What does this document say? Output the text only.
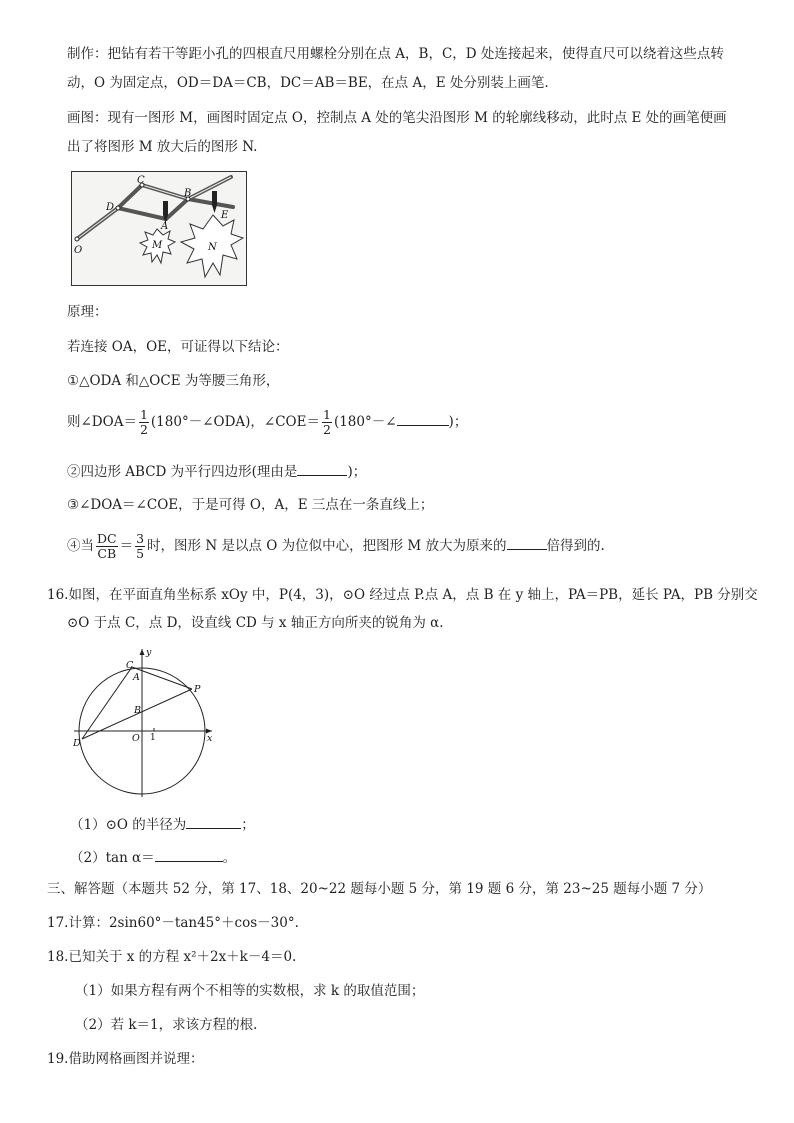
制作：把钻有若干等距小孔的四根直尺用螺栓分别在点 A，B，C，D 处连接起来，使得直尺可以绕着这些点转
动，O 为固定点，OD＝DA＝CB，DC＝AB＝BE，在点 A，E 处分别装上画笔.
画图：现有一图形 M，画图时固定点 O，控制点 A 处的笔尖沿图形 M 的轮廓线移动，此时点 E 处的画笔便画
出了将图形 M 放大后的图形 N.
C
B
D
A
E
O	M	N
原理：
若连接 OA，OE，可证得以下结论：
①△ODA 和△OCE 为等腰三角形，
则∠DOA＝ $\frac{1}{2}$ (180°－∠ODA)，∠COE＝ $\frac{1}{2}$ (180°－∠	)；
②四边形 ABCD 为平行四边形(理由是	)；
③∠DOA＝∠COE，于是可得 O，A，E 三点在一条直线上；
④当 $\frac{DC}{CB} = \frac{3}{5}$ 时，图形 N 是以点 O 为位似中心，把图形 M 放大为原来的	倍得到的.
16.如图，在平面直角坐标系 xOy 中，P(4，3)，⊙O 经过点 P.点 A，点 B 在 y 轴上，PA＝PB，延长 PA，PB 分别交
⊙O 于点 C，点 D，设直线 CD 与 x 轴正方向所夹的锐角为 α.
y
x
C
A
P
B
D	O 1
（1）⊙O 的半径为	；
（2）tan α＝	。
三、解答题（本题共 52 分，第 17、18、20~22 题每小题 5 分，第 19 题 6 分，第 23~25 题每小题 7 分）
17.计算：2sin60°－tan45°＋cos－30°.
18.已知关于 x 的方程 x²＋2x＋k－4＝0.
（1）如果方程有两个不相等的实数根，求 k 的取值范围；
（2）若 k＝1，求该方程的根.
19.借助网格画图并说理：
